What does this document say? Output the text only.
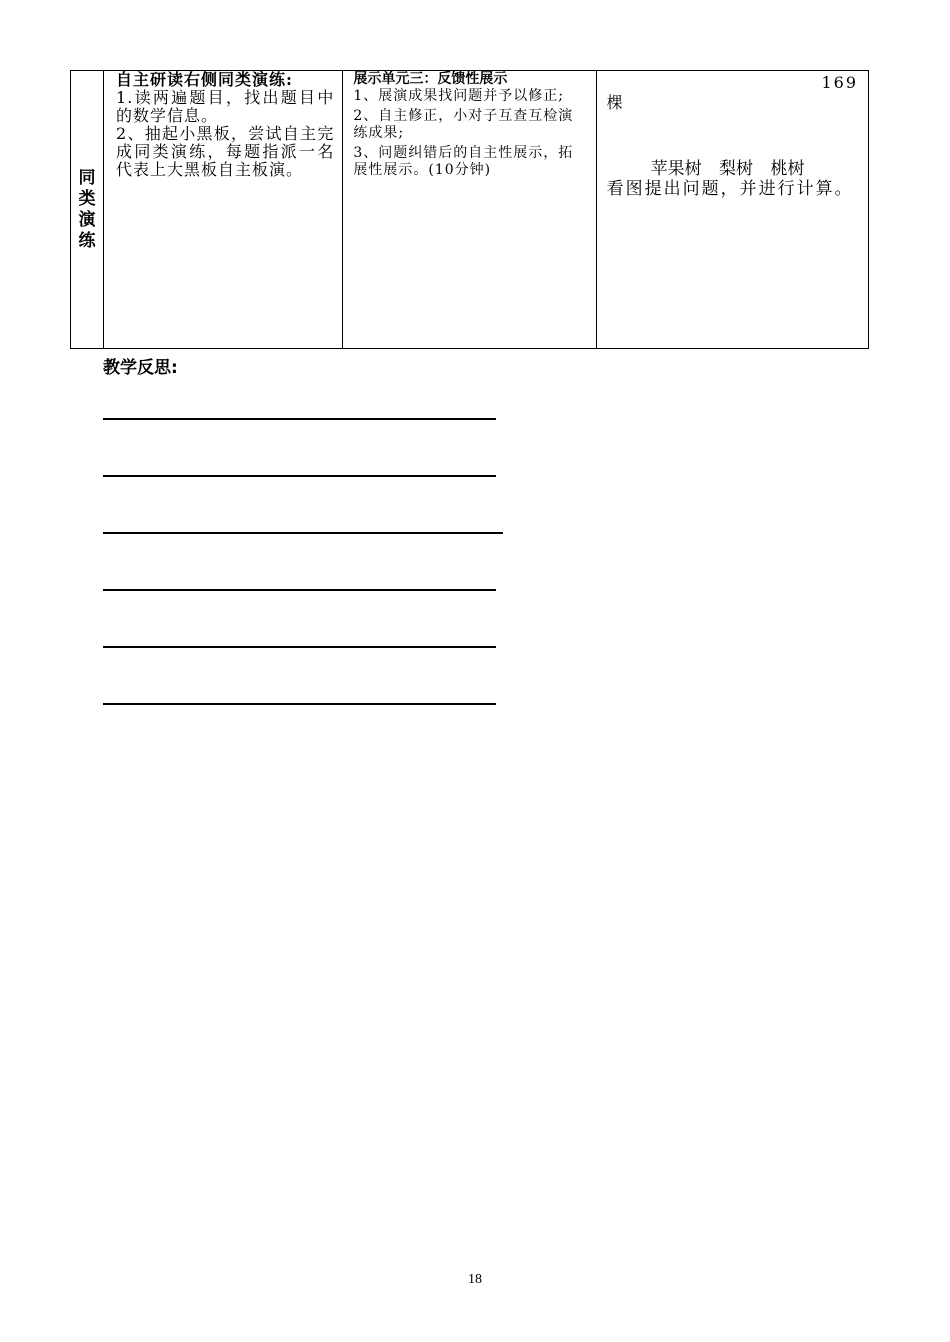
同
类
演
练

自主研读右侧同类演练:
1.读两遍题目，找出题目中的数学信息。
2、抽起小黑板，尝试自主完成同类演练，每题指派一名代表上大黑板自主板演。

展示单元三：反馈性展示
1、展演成果找问题并予以修正;
2、自主修正，小对子互查互检演练成果;
3、问题纠错后的自主性展示，拓展性展示。(10分钟)

169
棵
苹果树 梨树 桃树
看图提出问题，并进行计算。

教学反思:

18
